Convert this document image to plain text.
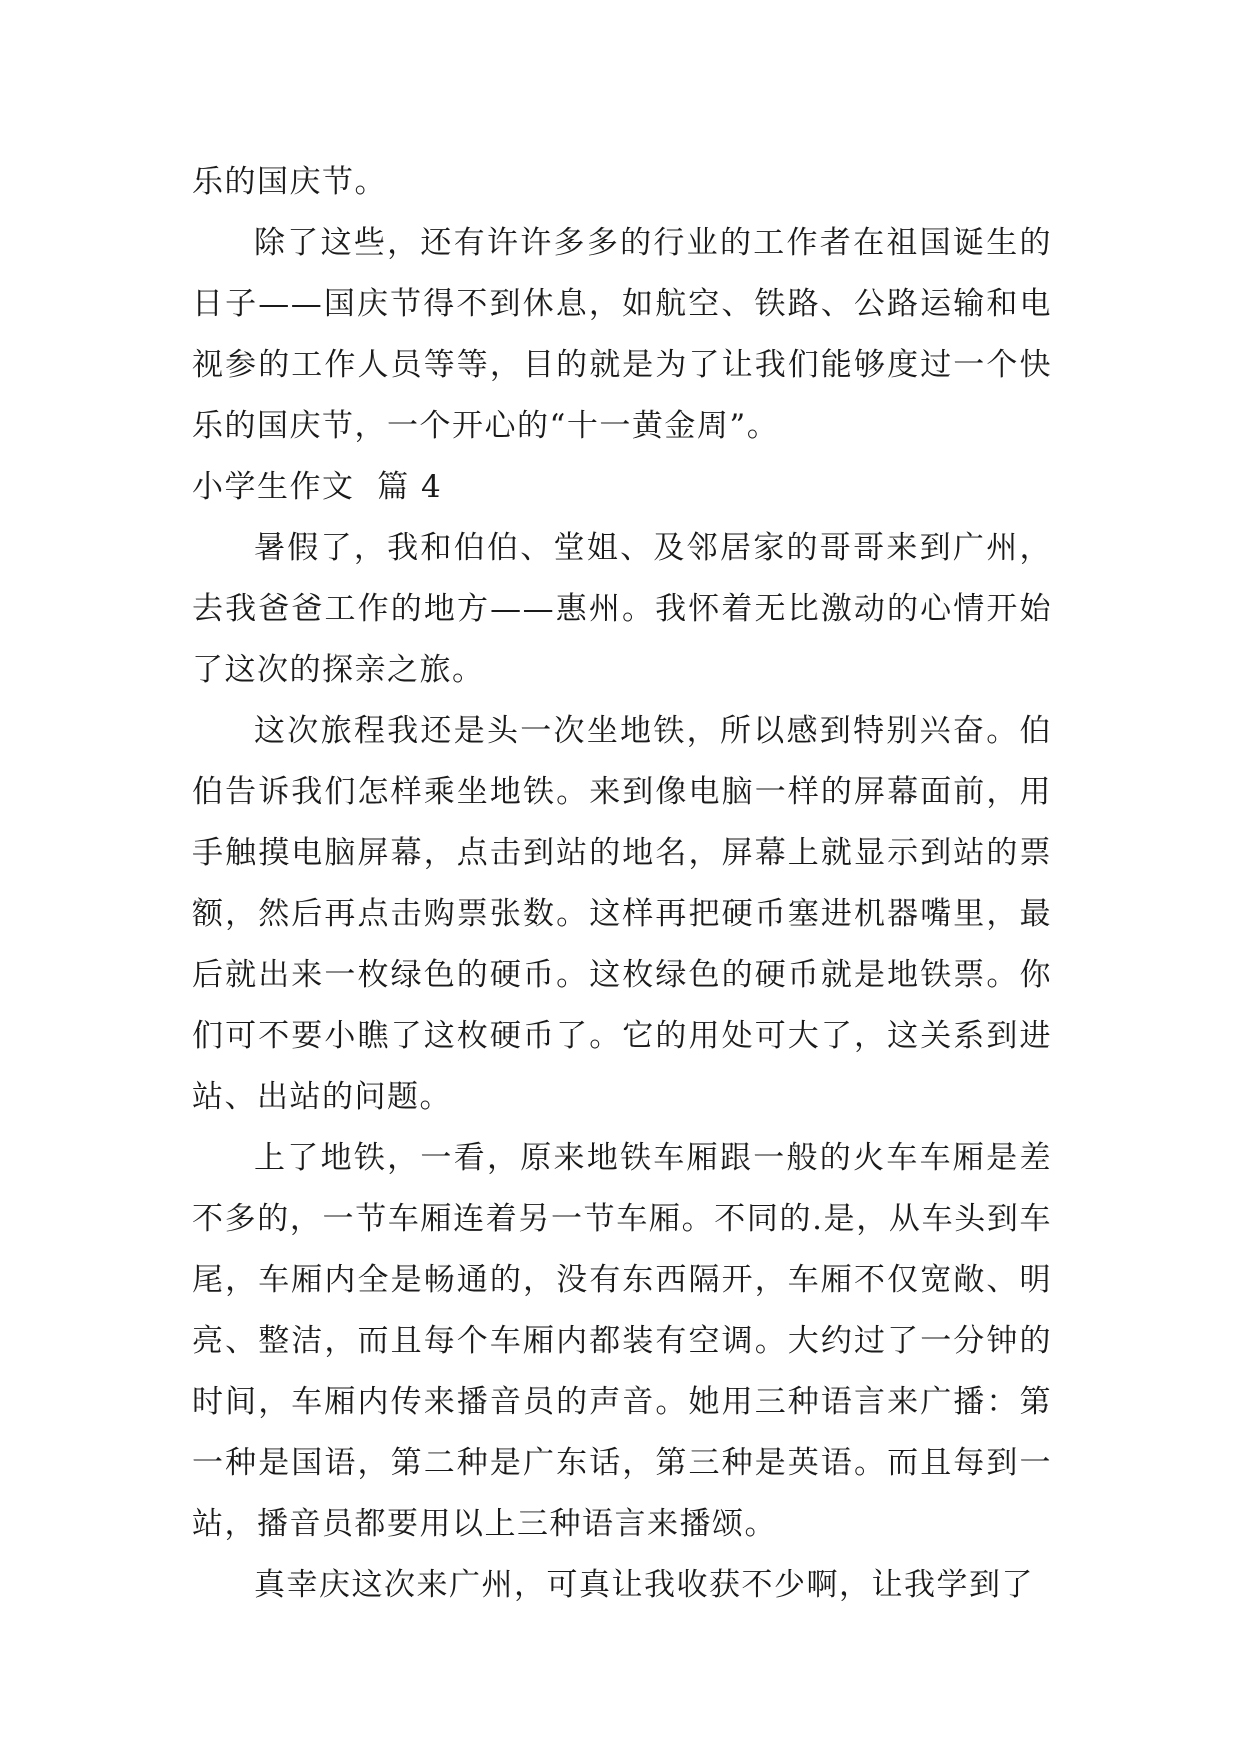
乐的国庆节。

除了这些，还有许许多多的行业的工作者在祖国诞生的日子——国庆节得不到休息，如航空、铁路、公路运输和电视参的工作人员等等，目的就是为了让我们能够度过一个快乐的国庆节，一个开心的“十一黄金周”。

小学生作文  篇 4

暑假了，我和伯伯、堂姐、及邻居家的哥哥来到广州，去我爸爸工作的地方——惠州。我怀着无比激动的心情开始了这次的探亲之旅。

这次旅程我还是头一次坐地铁，所以感到特别兴奋。伯伯告诉我们怎样乘坐地铁。来到像电脑一样的屏幕面前，用手触摸电脑屏幕，点击到站的地名，屏幕上就显示到站的票额，然后再点击购票张数。这样再把硬币塞进机器嘴里，最后就出来一枚绿色的硬币。这枚绿色的硬币就是地铁票。你们可不要小瞧了这枚硬币了。它的用处可大了，这关系到进站、出站的问题。

上了地铁，一看，原来地铁车厢跟一般的火车车厢是差不多的，一节车厢连着另一节车厢。不同的.是，从车头到车尾，车厢内全是畅通的，没有东西隔开，车厢不仅宽敞、明亮、整洁，而且每个车厢内都装有空调。大约过了一分钟的时间，车厢内传来播音员的声音。她用三种语言来广播：第一种是国语，第二种是广东话，第三种是英语。而且每到一站，播音员都要用以上三种语言来播颂。

真幸庆这次来广州，可真让我收获不少啊，让我学到了
